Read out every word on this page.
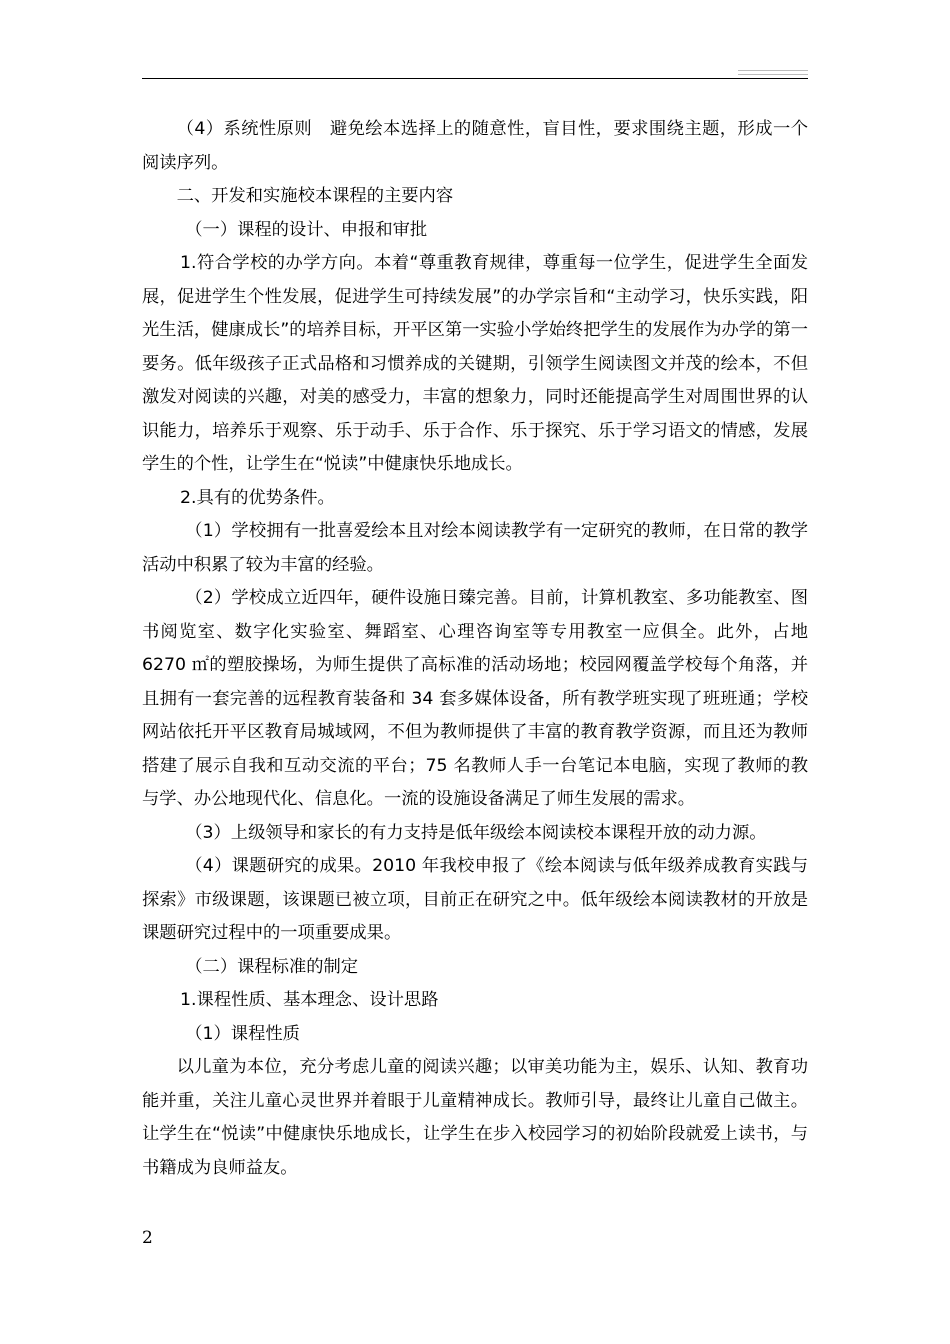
（4）系统性原则　避免绘本选择上的随意性，盲目性，要求围绕主题，形成一个阅读序列。

二、开发和实施校本课程的主要内容

（一）课程的设计、申报和审批

1.符合学校的办学方向。本着“尊重教育规律，尊重每一位学生，促进学生全面发展，促进学生个性发展，促进学生可持续发展”的办学宗旨和“主动学习，快乐实践，阳光生活，健康成长”的培养目标，开平区第一实验小学始终把学生的发展作为办学的第一要务。低年级孩子正式品格和习惯养成的关键期，引领学生阅读图文并茂的绘本，不但激发对阅读的兴趣，对美的感受力，丰富的想象力，同时还能提高学生对周围世界的认识能力，培养乐于观察、乐于动手、乐于合作、乐于探究、乐于学习语文的情感，发展学生的个性，让学生在“悦读”中健康快乐地成长。

2.具有的优势条件。

（1）学校拥有一批喜爱绘本且对绘本阅读教学有一定研究的教师，在日常的教学活动中积累了较为丰富的经验。

（2）学校成立近四年，硬件设施日臻完善。目前，计算机教室、多功能教室、图书阅览室、数字化实验室、舞蹈室、心理咨询室等专用教室一应俱全。此外，占地 6270 ㎡的塑胶操场，为师生提供了高标准的活动场地；校园网覆盖学校每个角落，并且拥有一套完善的远程教育装备和 34 套多媒体设备，所有教学班实现了班班通；学校网站依托开平区教育局城域网，不但为教师提供了丰富的教育教学资源，而且还为教师搭建了展示自我和互动交流的平台；75 名教师人手一台笔记本电脑，实现了教师的教与学、办公地现代化、信息化。一流的设施设备满足了师生发展的需求。

（3）上级领导和家长的有力支持是低年级绘本阅读校本课程开放的动力源。

（4）课题研究的成果。2010 年我校申报了《绘本阅读与低年级养成教育实践与探索》市级课题，该课题已被立项，目前正在研究之中。低年级绘本阅读教材的开放是课题研究过程中的一项重要成果。

（二）课程标准的制定

1.课程性质、基本理念、设计思路

（1）课程性质

以儿童为本位，充分考虑儿童的阅读兴趣；以审美功能为主，娱乐、认知、教育功能并重，关注儿童心灵世界并着眼于儿童精神成长。教师引导，最终让儿童自己做主。让学生在“悦读”中健康快乐地成长，让学生在步入校园学习的初始阶段就爱上读书，与书籍成为良师益友。

2
